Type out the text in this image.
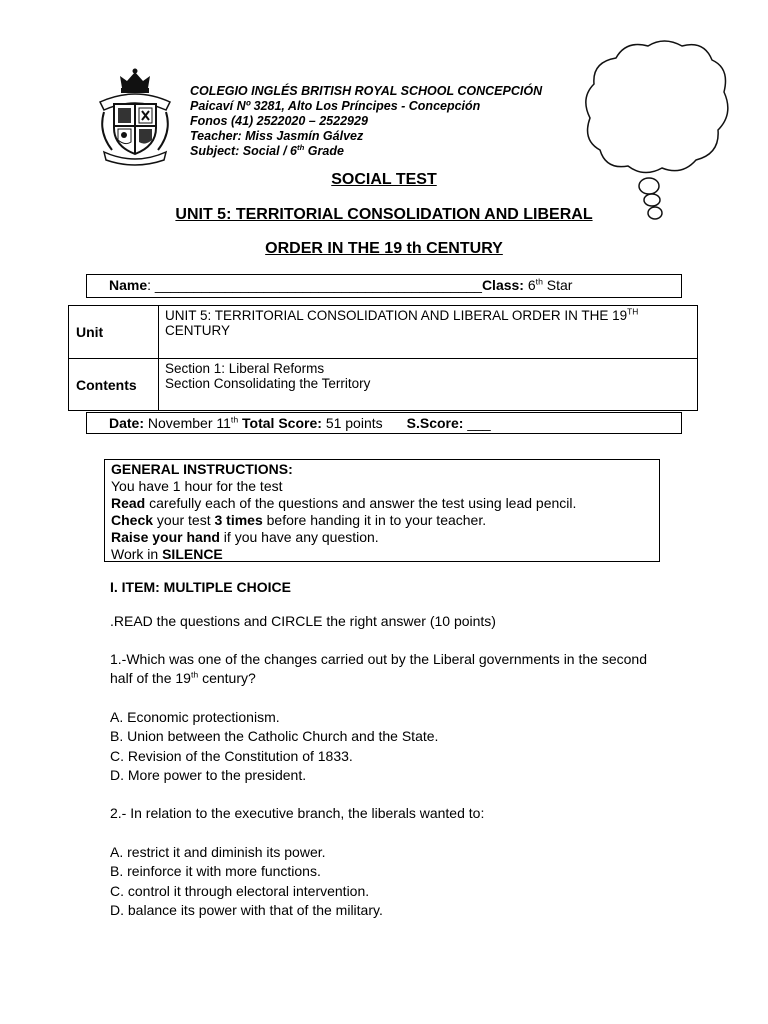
COLEGIO INGLÉS BRITISH ROYAL SCHOOL CONCEPCIÓN
Paicaví Nº 3281, Alto Los Príncipes - Concepción
Fonos (41) 2522020 – 2522929
Teacher: Miss Jasmín Gálvez
Subject: Social / 6th Grade
SOCIAL TEST
UNIT 5: TERRITORIAL CONSOLIDATION AND LIBERAL
ORDER IN THE 19 th CENTURY
Name: __________________________________________Class: 6th Star
Unit	UNIT 5: TERRITORIAL CONSOLIDATION AND LIBERAL ORDER IN THE 19TH CENTURY
Contents	Section 1: Liberal Reforms
Section Consolidating the Territory
Date: November 11th Total Score: 51 points S.Score: ___
GENERAL INSTRUCTIONS:
You have 1 hour for the test
Read carefully each of the questions and answer the test using lead pencil.
Check your test 3 times before handing it in to your teacher.
Raise your hand if you have any question.
Work in SILENCE
I. ITEM: MULTIPLE CHOICE
.READ the questions and CIRCLE the right answer (10 points)
1.-Which was one of the changes carried out by the Liberal governments in the second half of the 19th century?
A. Economic protectionism.
B. Union between the Catholic Church and the State.
C. Revision of the Constitution of 1833.
D. More power to the president.
2.- In relation to the executive branch, the liberals wanted to:
A. restrict it and diminish its power.
B. reinforce it with more functions.
C. control it through electoral intervention.
D. balance its power with that of the military.
